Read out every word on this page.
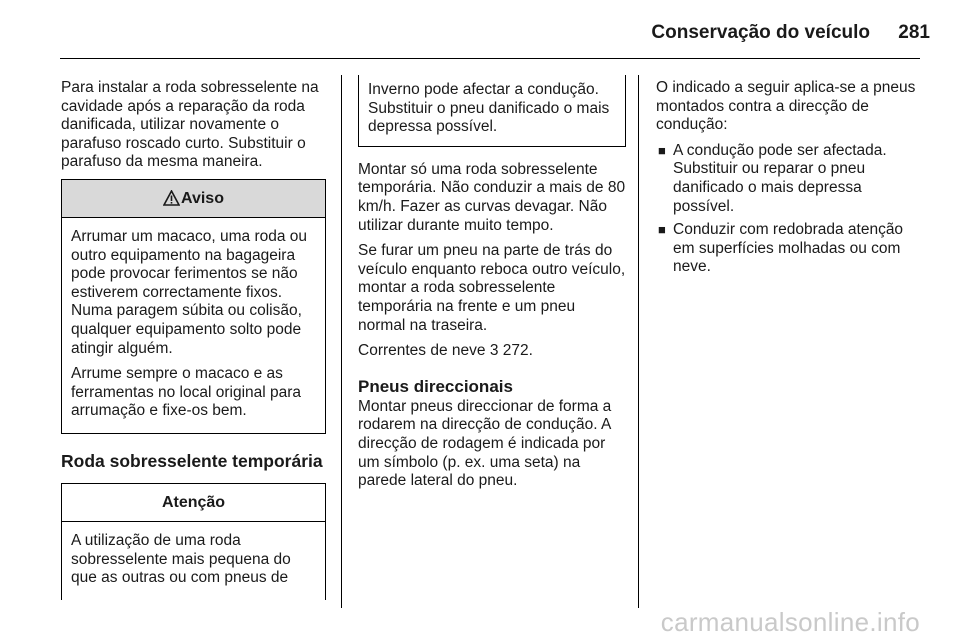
Conservação do veículo 281

Para instalar a roda sobresselente na cavidade após a reparação da roda danificada, utilizar novamente o parafuso roscado curto. Substituir o parafuso da mesma maneira.

Aviso

Arrumar um macaco, uma roda ou outro equipamento na bagageira pode provocar ferimentos se não estiverem correctamente fixos. Numa paragem súbita ou colisão, qualquer equipamento solto pode atingir alguém.

Arrume sempre o macaco e as ferramentas no local original para arrumação e fixe-os bem.

Roda sobresselente temporária
Atenção

A utilização de uma roda sobresselente mais pequena do que as outras ou com pneus de

Inverno pode afectar a condução. Substituir o pneu danificado o mais depressa possível.

Montar só uma roda sobresselente temporária. Não conduzir a mais de 80 km/h. Fazer as curvas devagar. Não utilizar durante muito tempo.

Se furar um pneu na parte de trás do veículo enquanto reboca outro veículo, montar a roda sobresselente temporária na frente e um pneu normal na traseira.

Correntes de neve 3 272.

Pneus direccionais

Montar pneus direccionar de forma a rodarem na direcção de condução. A direcção de rodagem é indicada por um símbolo (p. ex. uma seta) na parede lateral do pneu.

O indicado a seguir aplica-se a pneus montados contra a direcção de condução:

■ A condução pode ser afectada. Substituir ou reparar o pneu danificado o mais depressa possível.
■ Conduzir com redobrada atenção em superfícies molhadas ou com neve.
carmanualsonline.info
